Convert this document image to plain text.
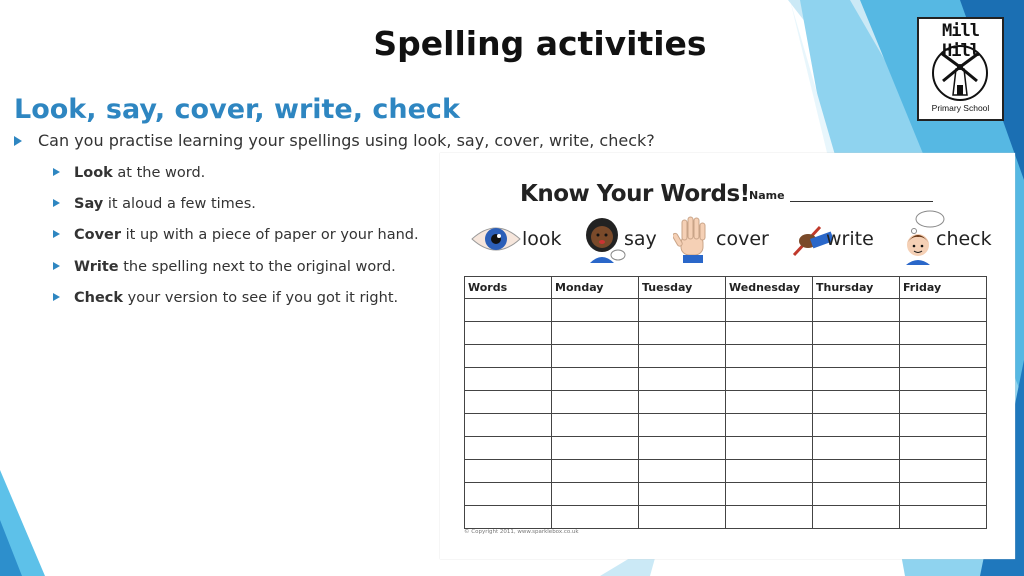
Spelling activities
Look, say, cover, write, check
Can you practise learning your spellings using look, say, cover, write, check?
Look at the word.
Say it aloud a few times.
Cover it up with a piece of paper or your hand.
Write the spelling next to the original word.
Check your version to see if you got it right.
Mill Hill
Primary School
Know Your Words! Name
look	say	cover	write	check
Words	Monday	Tuesday	Wednesday	Thursday	Friday

© Copyright 2011, www.sparklebox.co.uk
